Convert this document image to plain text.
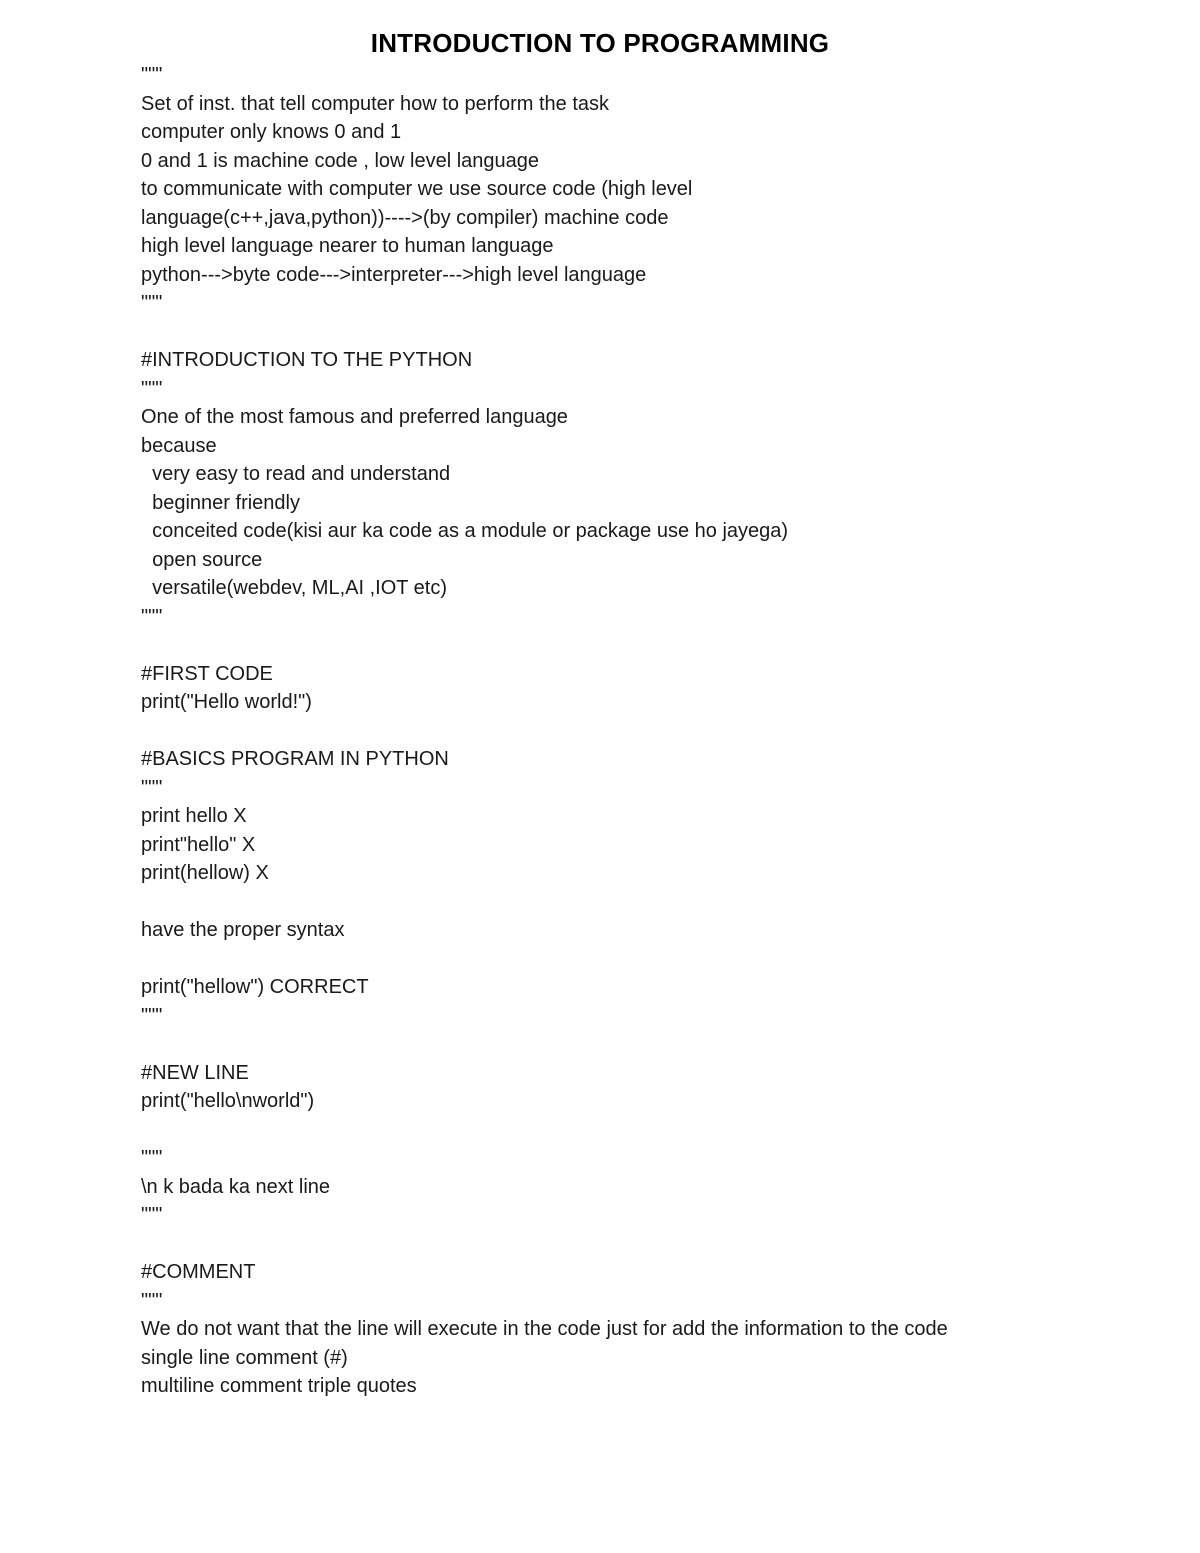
INTRODUCTION TO PROGRAMMING
"""
Set of inst. that tell computer how to perform the task
computer only knows 0 and 1
0 and 1 is machine code , low level language
to communicate with computer we use source code (high level
language(c++,java,python))---->(by compiler) machine code
high level language nearer to human language
python--->byte code--->interpreter--->high level language
"""
#INTRODUCTION TO THE PYTHON
"""
One of the most famous and preferred language
because
very easy to read and understand
beginner friendly
conceited code(kisi aur ka code as a module or package use ho jayega)
open source
versatile(webdev, ML,AI ,IOT etc)
"""
#FIRST CODE
print("Hello world!")
#BASICS PROGRAM IN PYTHON
"""
print hello X
print"hello" X
print(hellow) X
have the proper syntax
print("hellow") CORRECT
"""
#NEW LINE
print("hello\nworld")
"""
\n k bada ka next line
"""
#COMMENT
"""
We do not want that the line will execute in the code just for add the information to the code
single line comment (#)
multiline comment triple quotes
